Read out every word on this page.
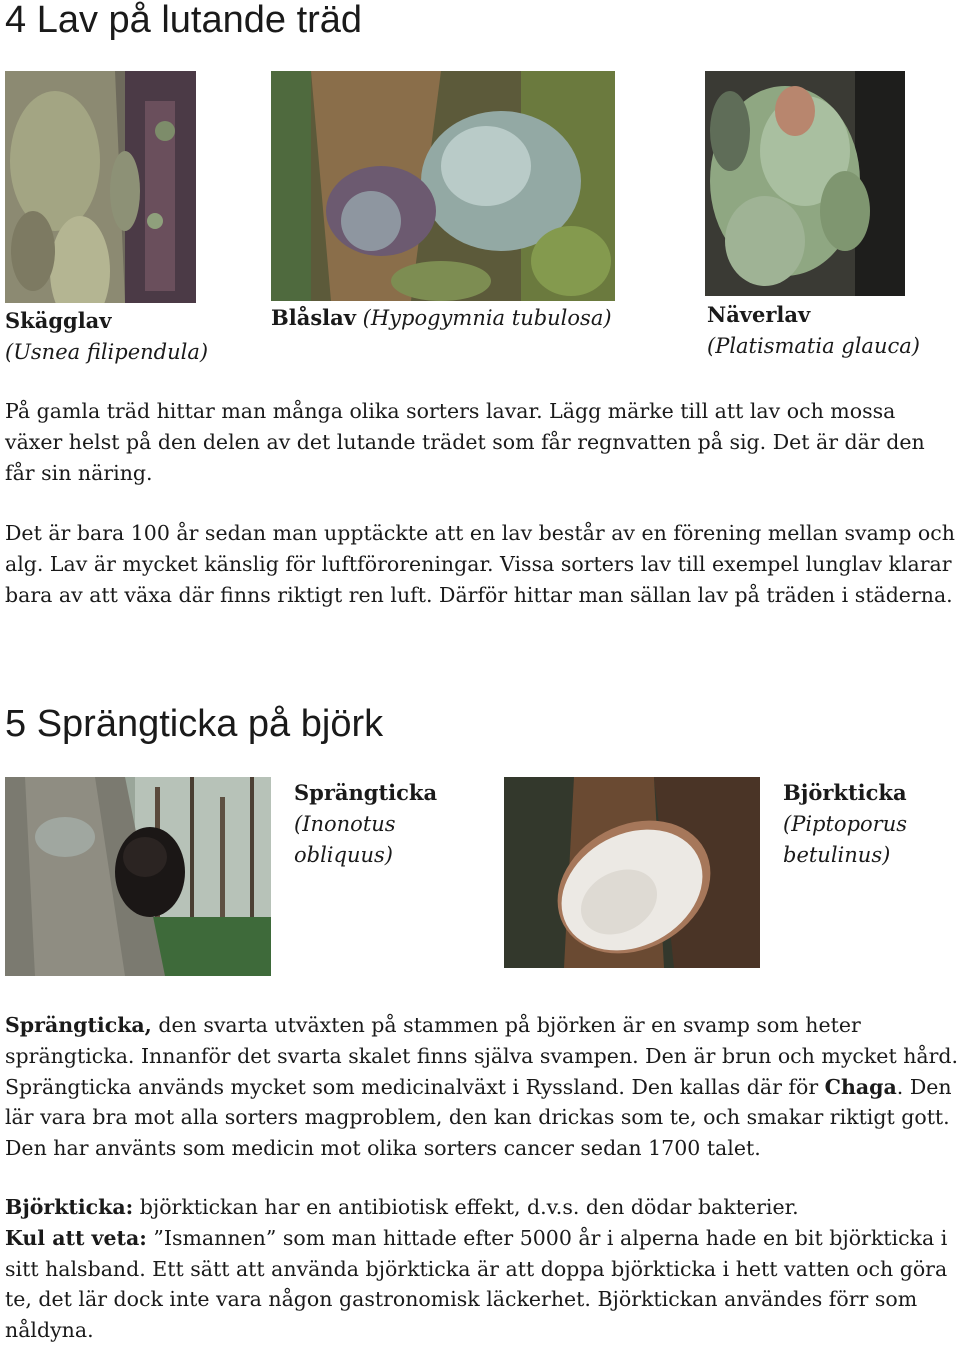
4 Lav på lutande träd
Skägglav
(Usnea filipendula)
Blåslav (Hypogymnia tubulosa)	Näverlav
(Platismatia glauca)

På gamla träd hittar man många olika sorters lavar. Lägg märke till att lav och mossa växer helst på den delen av det lutande trädet som får regnvatten på sig. Det är där den får sin näring.

Det är bara 100 år sedan man upptäckte att en lav består av en förening mellan svamp och alg. Lav är mycket känslig för luftföroreningar. Vissa sorters lav till exempel lunglav klarar bara av att växa där finns riktigt ren luft. Därför hittar man sällan lav på träden i städerna.

5 Sprängticka på björk
Sprängticka
(Inonotus
obliquus)
Björkticka
(Piptoporus
betulinus)

Sprängticka, den svarta utväxten på stammen på björken är en svamp som heter sprängticka. Innanför det svarta skalet finns själva svampen. Den är brun och mycket hård. Sprängticka används mycket som medicinalväxt i Ryssland. Den kallas där för Chaga. Den lär vara bra mot alla sorters magproblem, den kan drickas som te, och smakar riktigt gott. Den har använts som medicin mot olika sorters cancer sedan 1700 talet.

Björkticka: björktickan har en antibiotisk effekt, d.v.s. den dödar bakterier.
Kul att veta: ”Ismannen” som man hittade efter 5000 år i alperna hade en bit björkticka i sitt halsband. Ett sätt att använda björkticka är att doppa björkticka i hett vatten och göra te, det lär dock inte vara någon gastronomisk läckerhet. Björktickan användes förr som nåldyna.
